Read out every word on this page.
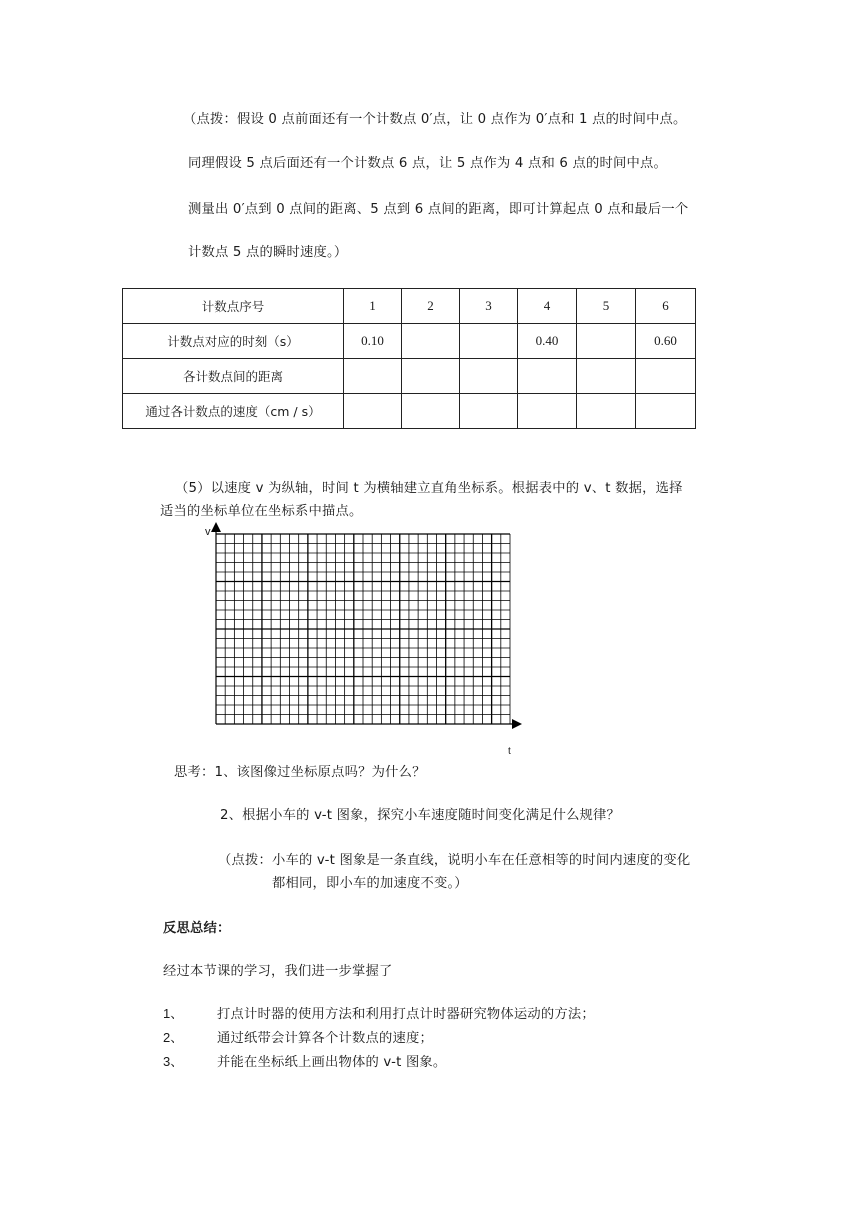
（点拨：假设 0 点前面还有一个计数点 0′点，让 0 点作为 0′点和 1 点的时间中点。
同理假设 5 点后面还有一个计数点 6 点，让 5 点作为 4 点和 6 点的时间中点。
测量出 0′点到 0 点间的距离、5 点到 6 点间的距离，即可计算起点 0 点和最后一个
计数点 5 点的瞬时速度。）
计数点序号	1	2	3	4	5	6
计数点对应的时刻（s）	0.10			0.40		0.60
各计数点间的距离						
通过各计数点的速度（cm / s）						
（5）以速度 v 为纵轴，时间 t 为横轴建立直角坐标系。根据表中的 v、t 数据，选择
适当的坐标单位在坐标系中描点。
v
t
思考：1、该图像过坐标原点吗？为什么？
2、根据小车的 v-t 图象，探究小车速度随时间变化满足什么规律？
（点拨：小车的 v-t 图象是一条直线，说明小车在任意相等的时间内速度的变化
都相同，即小车的加速度不变。）
反思总结：
经过本节课的学习，我们进一步掌握了
1、	打点计时器的使用方法和利用打点计时器研究物体运动的方法；
2、	通过纸带会计算各个计数点的速度；
3、	并能在坐标纸上画出物体的 v-t 图象。
